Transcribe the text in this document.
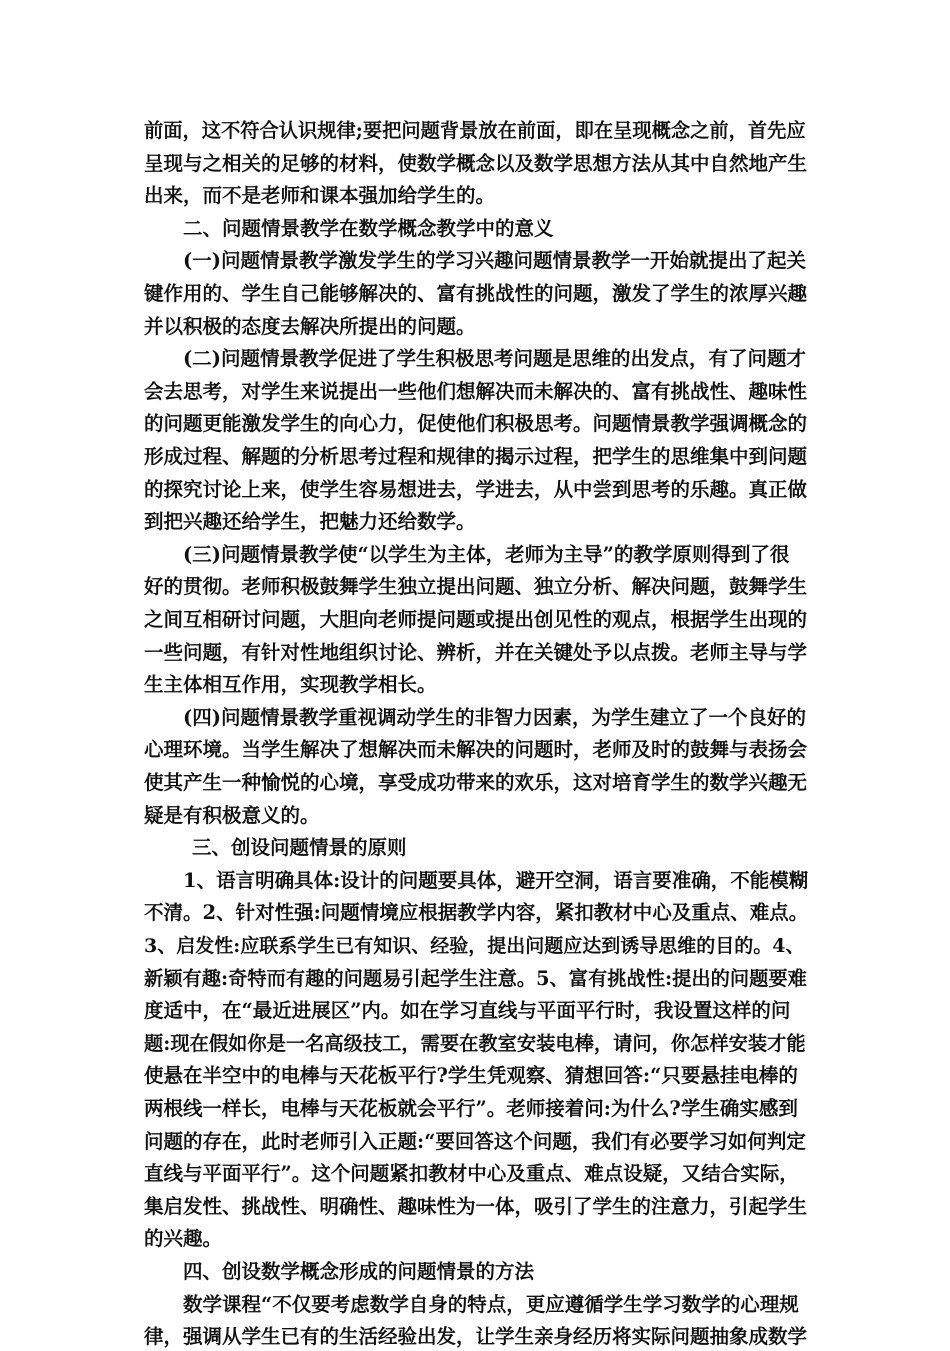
前面，这不符合认识规律;要把问题背景放在前面，即在呈现概念之前，首先应
呈现与之相关的足够的材料，使数学概念以及数学思想方法从其中自然地产生
出来，而不是老师和课本强加给学生的。
二、问题情景教学在数学概念教学中的意义
(一)问题情景教学激发学生的学习兴趣问题情景教学一开始就提出了起关
键作用的、学生自己能够解决的、富有挑战性的问题，激发了学生的浓厚兴趣
并以积极的态度去解决所提出的问题。
(二)问题情景教学促进了学生积极思考问题是思维的出发点，有了问题才
会去思考，对学生来说提出一些他们想解决而未解决的、富有挑战性、趣味性
的问题更能激发学生的向心力，促使他们积极思考。问题情景教学强调概念的
形成过程、解题的分析思考过程和规律的揭示过程，把学生的思维集中到问题
的探究讨论上来，使学生容易想进去，学进去，从中尝到思考的乐趣。真正做
到把兴趣还给学生，把魅力还给数学。
(三)问题情景教学使“以学生为主体，老师为主导”的教学原则得到了很
好的贯彻。老师积极鼓舞学生独立提出问题、独立分析、解决问题，鼓舞学生
之间互相研讨问题，大胆向老师提问题或提出创见性的观点，根据学生出现的
一些问题，有针对性地组织讨论、辨析，并在关键处予以点拨。老师主导与学
生主体相互作用，实现教学相长。
(四)问题情景教学重视调动学生的非智力因素，为学生建立了一个良好的
心理环境。当学生解决了想解决而未解决的问题时，老师及时的鼓舞与表扬会
使其产生一种愉悦的心境，享受成功带来的欢乐，这对培育学生的数学兴趣无
疑是有积极意义的。
三、创设问题情景的原则
1、语言明确具体:设计的问题要具体，避开空洞，语言要准确，不能模糊
不清。2、针对性强:问题情境应根据教学内容，紧扣教材中心及重点、难点。
3、启发性:应联系学生已有知识、经验，提出问题应达到诱导思维的目的。4、
新颖有趣:奇特而有趣的问题易引起学生注意。5、富有挑战性:提出的问题要难
度适中，在“最近进展区”内。如在学习直线与平面平行时，我设置这样的问
题:现在假如你是一名高级技工，需要在教室安装电棒，请问，你怎样安装才能
使悬在半空中的电棒与天花板平行?学生凭观察、猜想回答:“只要悬挂电棒的
两根线一样长，电棒与天花板就会平行”。老师接着问:为什么?学生确实感到
问题的存在，此时老师引入正题:“要回答这个问题，我们有必要学习如何判定
直线与平面平行”。这个问题紧扣教材中心及重点、难点设疑，又结合实际，
集启发性、挑战性、明确性、趣味性为一体，吸引了学生的注意力，引起学生
的兴趣。
四、创设数学概念形成的问题情景的方法
数学课程“不仅要考虑数学自身的特点，更应遵循学生学习数学的心理规
律，强调从学生已有的生活经验出发，让学生亲身经历将实际问题抽象成数学
